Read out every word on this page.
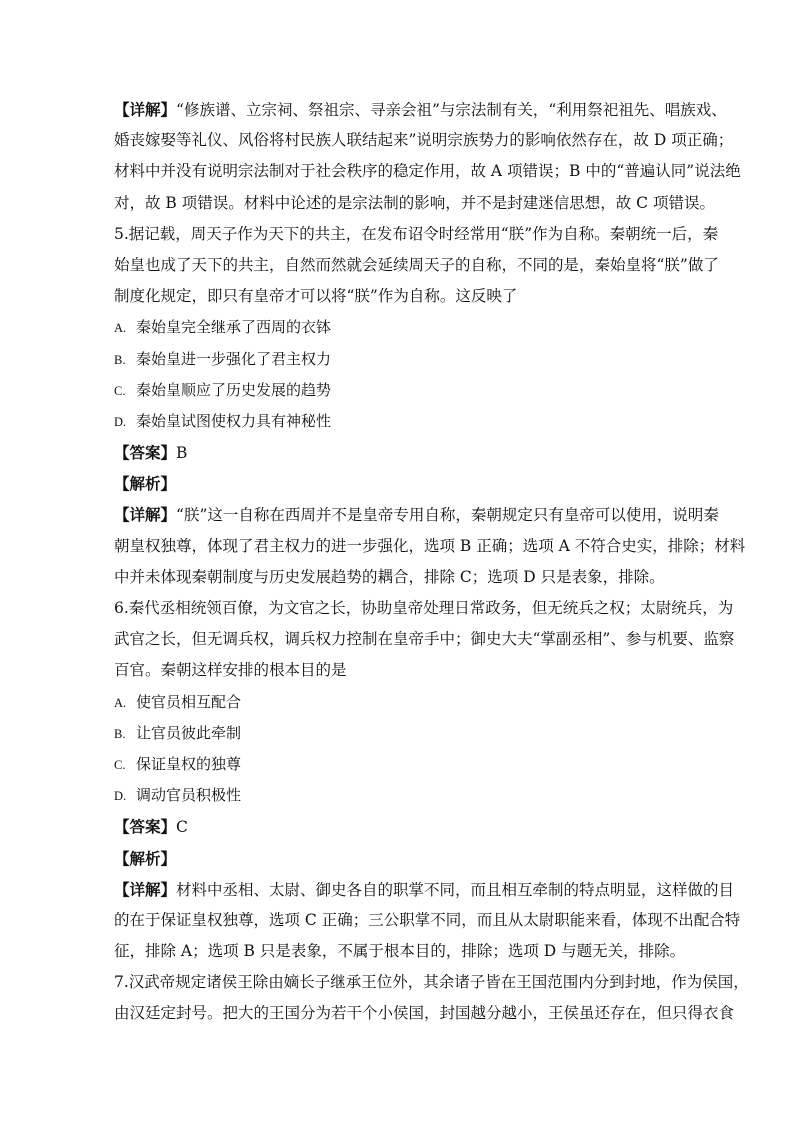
【详解】“修族谱、立宗祠、祭祖宗、寻亲会祖”与宗法制有关，“利用祭祀祖先、唱族戏、
婚丧嫁娶等礼仪、风俗将村民族人联结起来”说明宗族势力的影响依然存在，故 D 项正确；
材料中并没有说明宗法制对于社会秩序的稳定作用，故 A 项错误；B 中的“普遍认同”说法绝
对，故 B 项错误。材料中论述的是宗法制的影响，并不是封建迷信思想，故 C 项错误。
5.据记载，周天子作为天下的共主，在发布诏令时经常用“朕”作为自称。秦朝统一后，秦
始皇也成了天下的共主，自然而然就会延续周天子的自称，不同的是，秦始皇将“朕”做了
制度化规定，即只有皇帝才可以将“朕”作为自称。这反映了
A. 秦始皇完全继承了西周的衣钵
B. 秦始皇进一步强化了君主权力
C. 秦始皇顺应了历史发展的趋势
D. 秦始皇试图使权力具有神秘性
【答案】B
【解析】
【详解】“朕”这一自称在西周并不是皇帝专用自称，秦朝规定只有皇帝可以使用，说明秦
朝皇权独尊，体现了君主权力的进一步强化，选项 B 正确；选项 A 不符合史实，排除；材料
中并未体现秦朝制度与历史发展趋势的耦合，排除 C；选项 D 只是表象，排除。
6.秦代丞相统领百僚，为文官之长，协助皇帝处理日常政务，但无统兵之权；太尉统兵，为
武官之长，但无调兵权，调兵权力控制在皇帝手中；御史大夫“掌副丞相”、参与机要、监察
百官。秦朝这样安排的根本目的是
A. 使官员相互配合
B. 让官员彼此牵制
C. 保证皇权的独尊
D. 调动官员积极性
【答案】C
【解析】
【详解】材料中丞相、太尉、御史各自的职掌不同，而且相互牵制的特点明显，这样做的目
的在于保证皇权独尊，选项 C 正确；三公职掌不同，而且从太尉职能来看，体现不出配合特
征，排除 A；选项 B 只是表象，不属于根本目的，排除；选项 D 与题无关，排除。
7.汉武帝规定诸侯王除由嫡长子继承王位外，其余诸子皆在王国范围内分到封地，作为侯国，
由汉廷定封号。把大的王国分为若干个小侯国，封国越分越小，王侯虽还存在，但只得衣食
